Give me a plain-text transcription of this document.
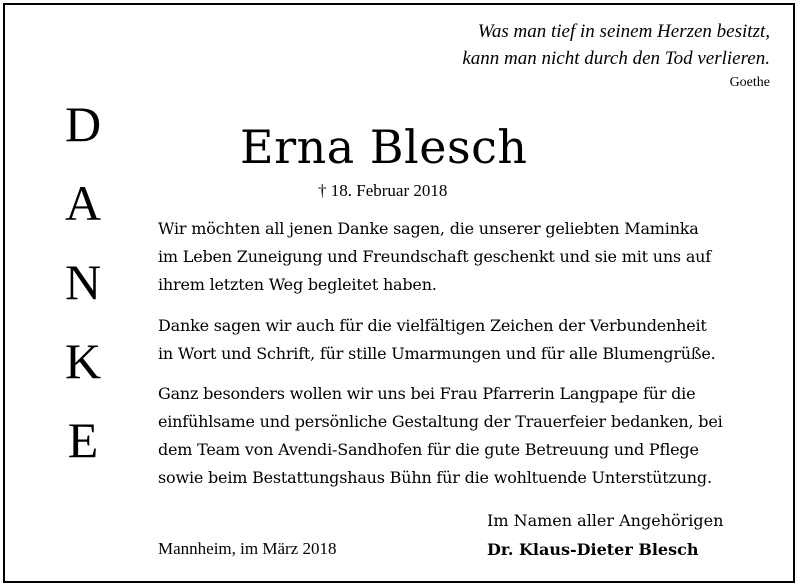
Was man tief in seinem Herzen besitzt,
kann man nicht durch den Tod verlieren.
Goethe
D
A
N
K
E
Erna Blesch
† 18. Februar 2018
Wir möchten all jenen Danke sagen, die unserer geliebten Maminka
im Leben Zuneigung und Freundschaft geschenkt und sie mit uns auf
ihrem letzten Weg begleitet haben.
Danke sagen wir auch für die vielfältigen Zeichen der Verbundenheit
in Wort und Schrift, für stille Umarmungen und für alle Blumengrüße.
Ganz besonders wollen wir uns bei Frau Pfarrerin Langpape für die
einfühlsame und persönliche Gestaltung der Trauerfeier bedanken, bei
dem Team von Avendi-Sandhofen für die gute Betreuung und Pflege
sowie beim Bestattungshaus Bühn für die wohltuende Unterstützung.
Mannheim, im März 2018
Im Namen aller Angehörigen
Dr. Klaus-Dieter Blesch
